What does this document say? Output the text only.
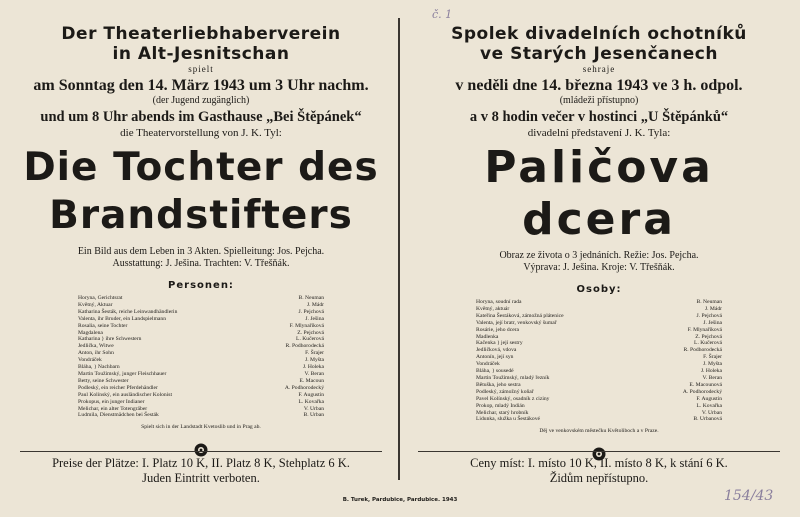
Der Theaterliebhaberverein

in Alt-Jesnitschan

spielt

am Sonntag den 14. März 1943 um 3 Uhr nachm.

(der Jugend zugänglich)

und um 8 Uhr abends im Gasthause „Bei Štěpánek“

die Theatervorstellung von J. K. Tyl:

Die Tochter des

Brandstifters

Ein Bild aus dem Leben in 3 Akten. Spielleitung: Jos. Pejcha.

Ausstattung: J. Ješina. Trachten: V. Třešňák.

Personen:

Horyna, Gerichtsrat	B. Neuman
Květný, Aktuar	J. Mádr
Katharina Šesták, reiche Leinwandhändlerin	J. Pejchová
Valenta, ihr Bruder, ein Landspielmann	J. Ješina
Rosalia, seine Tochter	F. Mlynaříková
Magdalena	Z. Pejchová
Katharina } ihre Schwestern	L. Kučerová
Jedlička, Witwe	R. Podhorodecká
Anton, ihr Sohn	F. Šrajer
Vondráček	J. Myšta
Bláha, } Nachbarn	J. Holeka
Martin Toužimský, junger Fleischhauer	V. Beran
Betty, seine Schwester	E. Macoun
Podleský, ein reicher Pferdehändler	A. Podhorodecký
Paul Kolínský, ein ausländischer Kolonist	F. Augustin
Prokopus, ein junger Indianer	L. Kovařka
Melichar, ein alter Totengräber	V. Urban
Ludmila, Dienstmädchen bei Šesták	B. Urban

Spielt sich in der Landstadt Kvetoslib und in Prag ab.

Spolek divadelních ochotníků

ve Starých Jesenčanech

sehraje

v neděli dne 14. března 1943 ve 3 h. odpol.

(mládeži přístupno)

a v 8 hodin večer v hostinci „U Štěpánků“

divadelní představení J. K. Tyla:

Paličova

dcera

Obraz ze života o 3 jednáních. Režie: Jos. Pejcha.

Výprava: J. Ješina. Kroje: V. Třešňák.

Osoby:

Horyna, soudní rada	B. Neuman
Květný, aktuár	J. Mádr
Kateřina Šestáková, zámožná plátenice	J. Pejchová
Valenta, její bratr, venkovský šumař	J. Ješina
Rosárie, jeho dcera	F. Mlynaříková
Madlenka	Z. Pejchová
Kačenka } její sestry	L. Kučerová
Jedličková, vdova	R. Podhorodecká
Antonín, její syn	F. Šrajer
Vondráček	J. Myšta
Bláha, } sousedé	J. Holeka
Martin Toužimský, mladý řezník	V. Beran
Bětuška, jeho sestra	E. Macounová
Podleský, zámožný koňař	A. Podhorodecký
Pavel Kolínský, osadník z ciziny	F. Augustin
Prokop, mladý Indián	L. Kovařka
Melichar, starý hrobník	V. Urban
Lidunka, služka u Šestákové	B. Urbanová

Děj ve venkovském městečku Květoliboch a v Praze.

Preise der Plätze: I. Platz 10 K, II. Platz 8 K, Stehplatz 6 K.
Juden Eintritt verboten.
Ceny míst: I. místo 10 K, II. místo 8 K, k stání 6 K.
Židům nepřístupno.
B. Turek, Pardubice, Pardubice. 1943
č. 1
154/43
